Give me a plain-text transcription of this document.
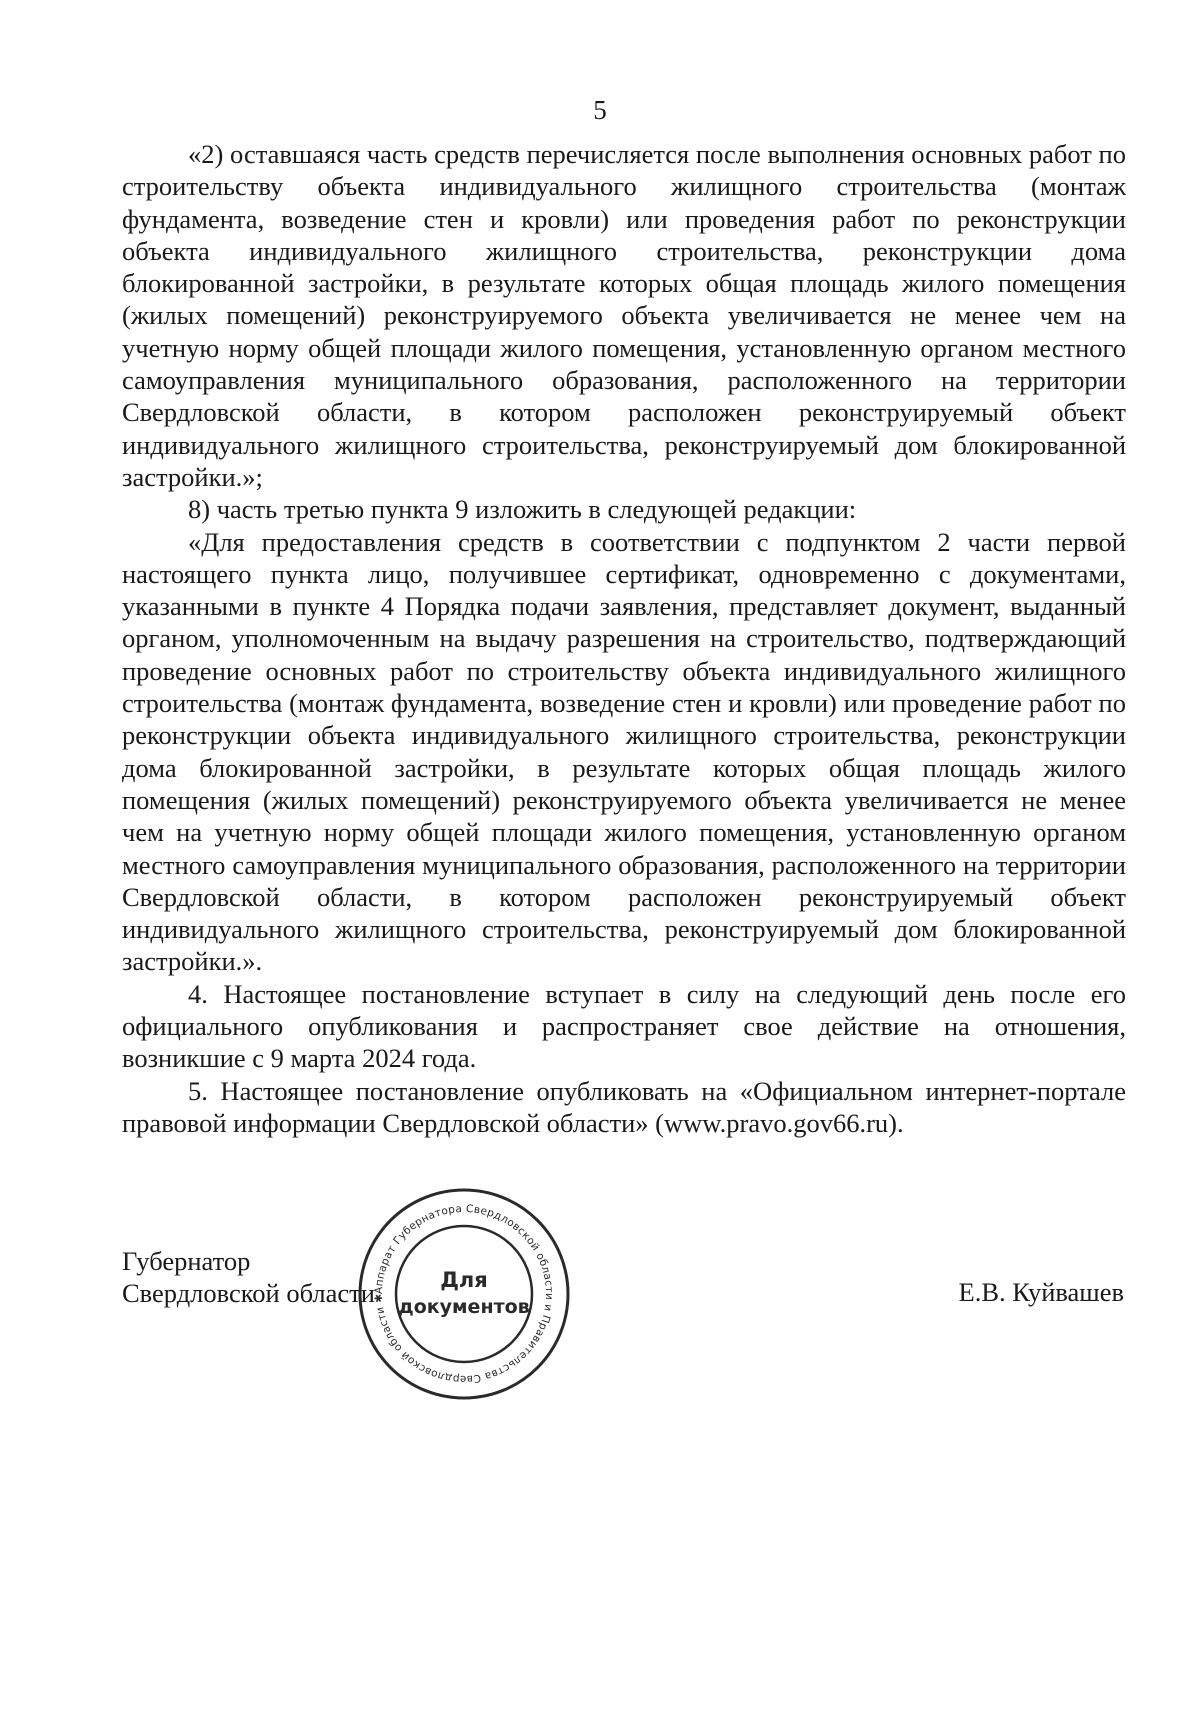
5

«2) оставшаяся часть средств перечисляется после выполнения основных работ по строительству объекта индивидуального жилищного строительства (монтаж фундамента, возведение стен и кровли) или проведения работ по реконструкции объекта индивидуального жилищного строительства, реконструкции дома блокированной застройки, в результате которых общая площадь жилого помещения (жилых помещений) реконструируемого объекта увеличивается не менее чем на учетную норму общей площади жилого помещения, установленную органом местного самоуправления муниципального образования, расположенного на территории Свердловской области, в котором расположен реконструируемый объект индивидуального жилищного строительства, реконструируемый дом блокированной застройки.»;

8) часть третью пункта 9 изложить в следующей редакции:

«Для предоставления средств в соответствии с подпунктом 2 части первой настоящего пункта лицо, получившее сертификат, одновременно с документами, указанными в пункте 4 Порядка подачи заявления, представляет документ, выданный органом, уполномоченным на выдачу разрешения на строительство, подтверждающий проведение основных работ по строительству объекта индивидуального жилищного строительства (монтаж фундамента, возведение стен и кровли) или проведение работ по реконструкции объекта индивидуального жилищного строительства, реконструкции дома блокированной застройки, в результате которых общая площадь жилого помещения (жилых помещений) реконструируемого объекта увеличивается не менее чем на учетную норму общей площади жилого помещения, установленную органом местного самоуправления муниципального образования, расположенного на территории Свердловской области, в котором расположен реконструируемый объект индивидуального жилищного строительства, реконструируемый дом блокированной застройки.».

4. Настоящее постановление вступает в силу на следующий день после его официального опубликования и распространяет свое действие на отношения, возникшие с 9 марта 2024 года.

5. Настоящее постановление опубликовать на «Официальном интернет-портале правовой информации Свердловской области» (www.pravo.gov66.ru).

Губернатор
Свердловской области	Е.В. Куйвашев
Аппарат Губернатора Свердловской области и Правительства Свердловской области ✱
Для
документов
